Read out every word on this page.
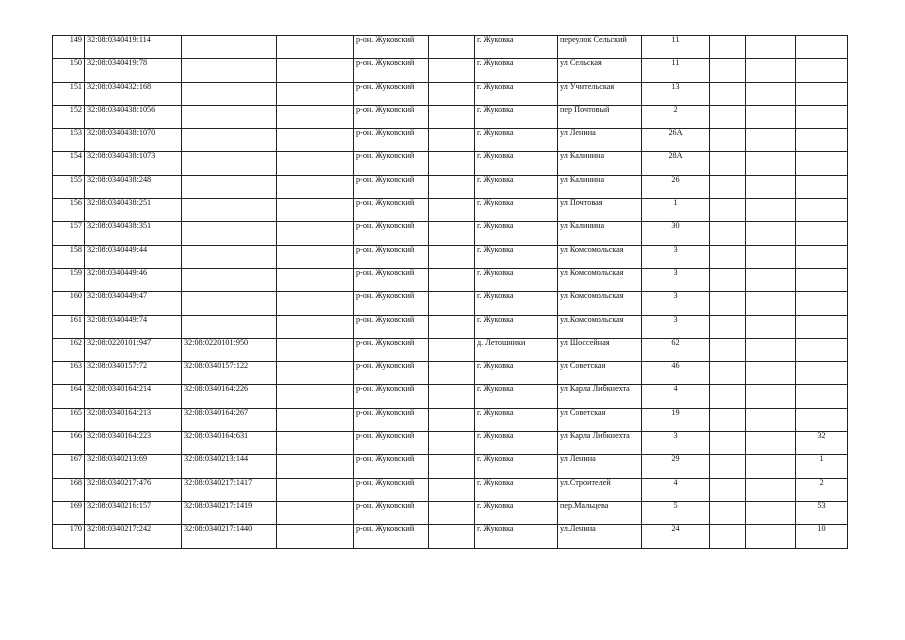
149	32:08:0340419:114			р-он. Жуковский		г. Жуковка	переулок Сельский	11			
150	32:08:0340419:78			р-он. Жуковский		г. Жуковка	ул Сельская	11			
151	32:08:0340432:168			р-он. Жуковский		г. Жуковка	ул Учительская	13			
152	32:08:0340438:1056			р-он. Жуковский		г. Жуковка	пер Почтовый	2			
153	32:08:0340438:1070			р-он. Жуковский		г. Жуковка	ул Ленина	26А			
154	32:08:0340438:1073			р-он. Жуковский		г. Жуковка	ул Калинина	28А			
155	32:08:0340438:248			р-он. Жуковский		г. Жуковка	ул Калинина	26			
156	32:08:0340438:251			р-он. Жуковский		г. Жуковка	ул Почтовая	1			
157	32:08:0340438:351			р-он. Жуковский		г. Жуковка	ул Калинина	30			
158	32:08:0340449:44			р-он. Жуковский		г. Жуковка	ул Комсомольская	3			
159	32:08:0340449:46			р-он. Жуковский		г. Жуковка	ул Комсомольская	3			
160	32:08:0340449:47			р-он. Жуковский		г. Жуковка	ул Комсомольская	3			
161	32:08:0340449:74			р-он. Жуковский		г. Жуковка	ул.Комсомольская	3			
162	32:08:0220101:947	32:08:0220101:950		р-он. Жуковский		д. Летошники	ул Шоссейная	62			
163	32:08:0340157:72	32:08:0340157:122		р-он. Жуковский		г. Жуковка	ул Советская	46			
164	32:08:0340164:214	32:08:0340164:226		р-он. Жуковский		г. Жуковка	ул Карла Либкнехта	4			
165	32:08:0340164:213	32:08:0340164:267		р-он. Жуковский		г. Жуковка	ул Советская	19			
166	32:08:0340164:223	32:08:0340164:631		р-он. Жуковский		г. Жуковка	ул Карла Либкнехта	3			32
167	32:08:0340213:69	32:08:0340213:144		р-он. Жуковский		г. Жуковка	ул Ленина	29			1
168	32:08:0340217:476	32:08:0340217:1417		р-он. Жуковский		г. Жуковка	ул.Строителей	4			2
169	32:08:0340216:157	32:08:0340217:1419		р-он. Жуковский		г. Жуковка	пер.Мальцева	5			53
170	32:08:0340217:242	32:08:0340217:1440		р-он. Жуковский		г. Жуковка	ул.Ленина	24			10
